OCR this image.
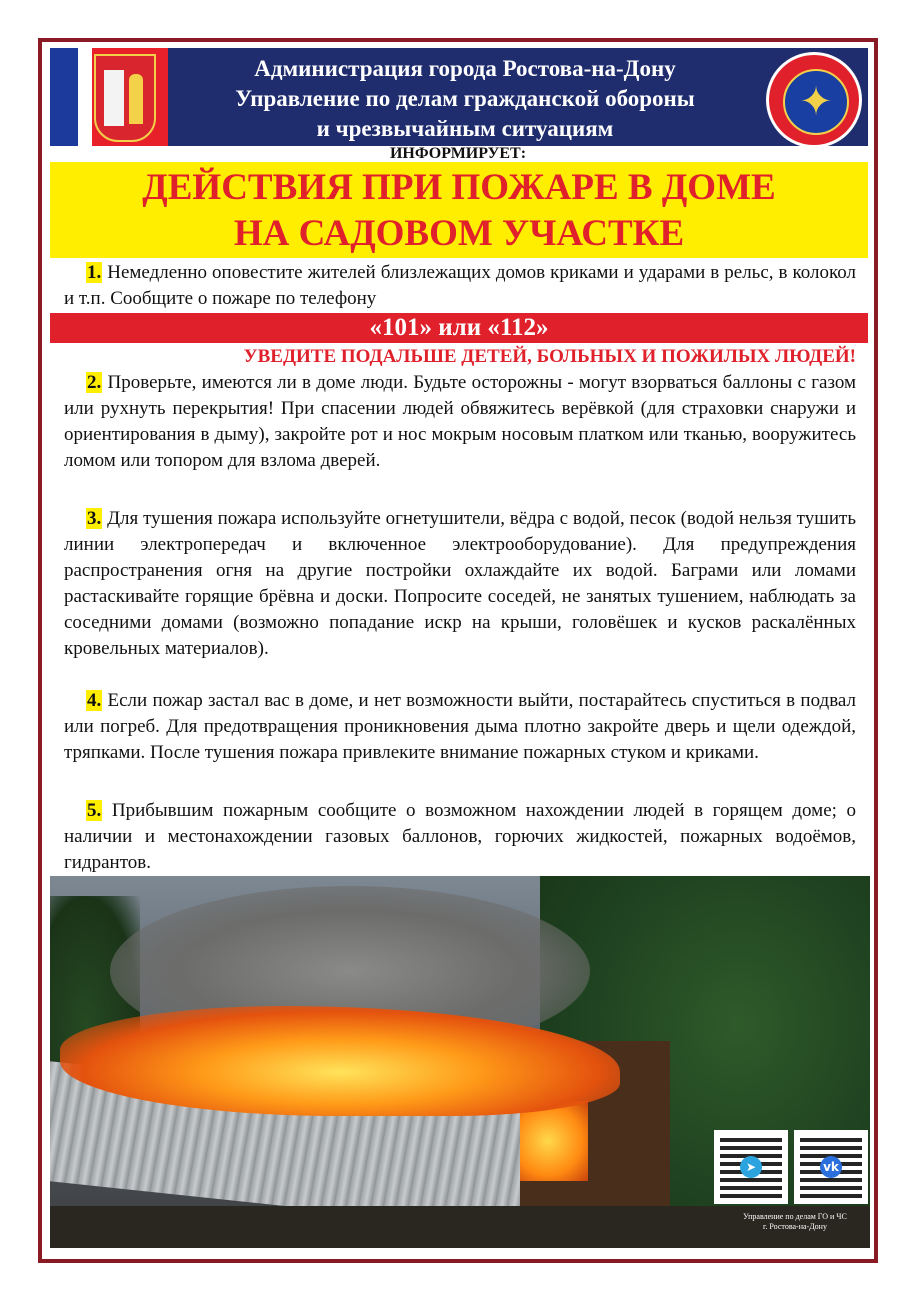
Администрация города Ростова-на-Дону
Управление по делам гражданской обороны
и чрезвычайным ситуациям
✦
ИНФОРМИРУЕТ:
ДЕЙСТВИЯ ПРИ ПОЖАРЕ В ДОМЕ
НА САДОВОМ УЧАСТКЕ
1. Немедленно оповестите жителей близлежащих домов криками и ударами в рельс, в колокол и т.п. Сообщите о пожаре по телефону
«101» или «112»
УВЕДИТЕ ПОДАЛЬШЕ ДЕТЕЙ, БОЛЬНЫХ И ПОЖИЛЫХ ЛЮДЕЙ!
2. Проверьте, имеются ли в доме люди. Будьте осторожны - могут взорваться баллоны с газом или рухнуть перекрытия! При спасении людей обвяжитесь верёвкой (для страховки снаружи и ориентирования в дыму), закройте рот и нос мокрым носовым платком или тканью, вооружитесь ломом или топором для взлома дверей.
3. Для тушения пожара используйте огнетушители, вёдра с водой, песок (водой нельзя тушить линии электропередач и включенное электрооборудование). Для предупреждения распространения огня на другие постройки охлаждайте их водой. Баграми или ломами растаскивайте горящие брёвна и доски. Попросите соседей, не занятых тушением, наблюдать за соседними домами (возможно попадание искр на крыши, головёшек и кусков раскалённых кровельных материалов).
4. Если пожар застал вас в доме, и нет возможности выйти, постарайтесь спуститься в подвал или погреб. Для предотвращения проникновения дыма плотно закройте дверь и щели одеждой, тряпками. После тушения пожара привлеките внимание пожарных стуком и криками.
5. Прибывшим пожарным сообщите о возможном нахождении людей в горящем доме; о наличии и местонахождении газовых баллонов, горючих жидкостей, пожарных водоёмов, гидрантов.
➤	vk
Управление по делам ГО и ЧС
г. Ростова-на-Дону
